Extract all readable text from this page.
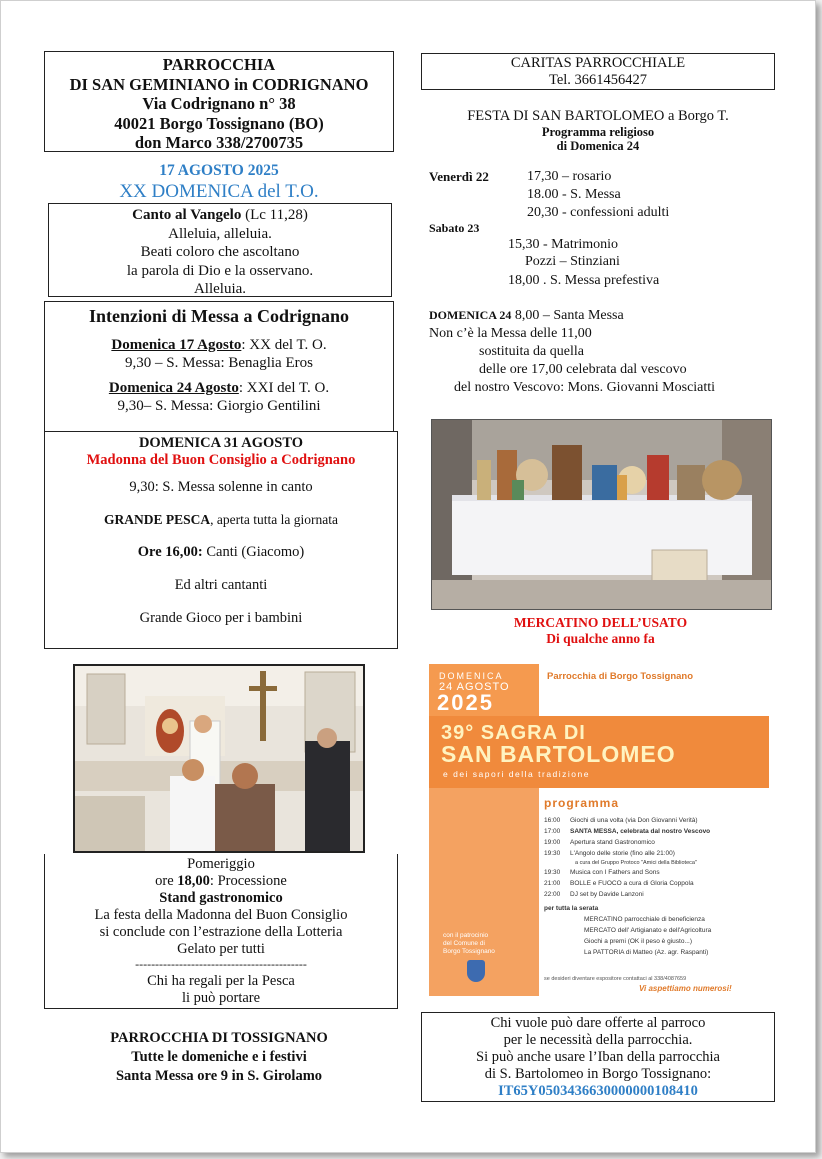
PARROCCHIA
DI SAN GEMINIANO in CODRIGNANO
Via Codrignano n° 38
40021 Borgo Tossignano (BO)
don Marco 338/2700735
17 AGOSTO 2025
XX DOMENICA del T.O.
Canto al Vangelo (Lc 11,28)
Alleluia, alleluia.
Beati coloro che ascoltano
la parola di Dio e la osservano.
Alleluia.
Intenzioni di Messa a Codrignano
Domenica 17 Agosto: XX del T. O.
9,30 – S. Messa: Benaglia Eros
Domenica 24 Agosto: XXI del T. O.
9,30– S. Messa: Giorgio Gentilini
DOMENICA 31 AGOSTO
Madonna del Buon Consiglio a Codrignano
9,30: S. Messa solenne in canto
GRANDE PESCA, aperta tutta la giornata
Ore 16,00: Canti (Giacomo)
Ed altri cantanti
Grande Gioco per i bambini
Pomeriggio
ore 18,00: Processione
Stand gastronomico
La festa della Madonna del Buon Consiglio
si conclude con l’estrazione della Lotteria
Gelato per tutti
-------------------------------------------
Chi ha regali per la Pesca
li può portare
PARROCCHIA DI TOSSIGNANO
Tutte le domeniche e i festivi
Santa Messa ore 9 in S. Girolamo
CARITAS PARROCCHIALE
Tel. 3661456427
FESTA DI SAN BARTOLOMEO a Borgo T.
Programma religioso
di Domenica 24
Venerdì 22	17,30 – rosario
18.00 - S. Messa
20,30 - confessioni adulti
Sabato 23
15,30 - Matrimonio
Pozzi – Stinziani
18,00 . S. Messa prefestiva
DOMENICA 24 8,00 – Santa Messa
Non c’è la Messa delle 11,00
sostituita da quella
delle ore 17,00 celebrata dal vescovo
del nostro Vescovo: Mons. Giovanni Mosciatti
MERCATINO DELL’USATO
Di qualche anno fa
DOMENICA
24 AGOSTO
2025
Parrocchia di Borgo Tossignano
39° SAGRA DI
SAN BARTOLOMEO
e dei sapori della tradizione
programma
16:00 Giochi di una volta (via Don Giovanni Verità)
17:00 SANTA MESSA, celebrata dal nostro Vescovo
19:00 Apertura stand Gastronomico
19:30 L'Angolo delle storie (fino alle 21:00)
a cura del Gruppo Protoco "Amici della Biblioteca"
19:30 Musica con I Fathers and Sons
21:00 BOLLE e FUOCO a cura di Gloria Coppola
22:00 DJ set by Davide Lanzoni
per tutta la serata
MERCATINO parrocchiale di beneficienza
MERCATO dell' Artigianato e dell'Agricoltura
Giochi a premi (OK il peso è giusto...)
La PATTORIA di Matteo (Az. agr. Raspanti)
con il patrocinio
del Comune di
Borgo Tossignano
se desideri diventare espositore contattaci al 338/4087659
Vi aspettiamo numerosi!
Chi vuole può dare offerte al parroco
per le necessità della parrocchia.
Si può anche usare l’Iban della parrocchia
di S. Bartolomeo in Borgo Tossignano:
IT65Y0503436630000000108410
